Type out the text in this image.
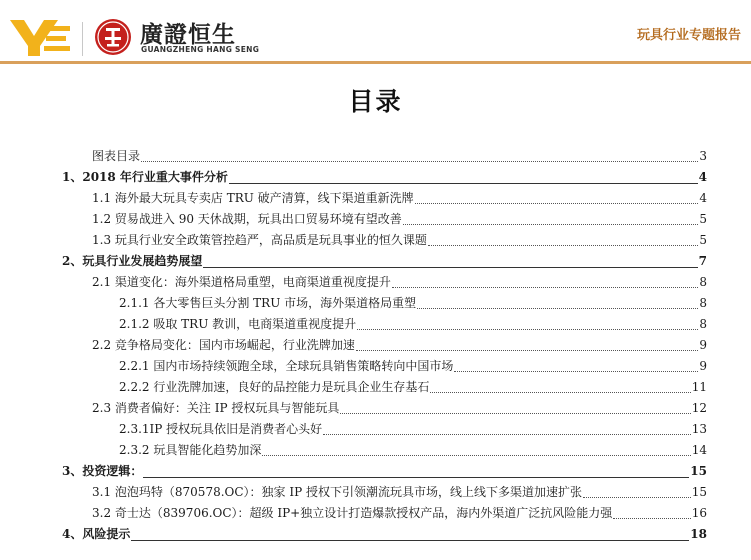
廣證恒生
GUANGZHENG HANG SENG
玩具行业专题报告
目录
图表目录	3
1、2018 年行业重大事件分析	4
1.1 海外最大玩具专卖店 TRU 破产清算，线下渠道重新洗牌	4
1.2 贸易战进入 90 天休战期，玩具出口贸易环境有望改善	5
1.3 玩具行业安全政策管控趋严，高品质是玩具事业的恒久课题	5
2、玩具行业发展趋势展望	7
2.1 渠道变化：海外渠道格局重塑，电商渠道重视度提升	8
2.1.1 各大零售巨头分割 TRU 市场，海外渠道格局重塑	8
2.1.2 吸取 TRU 教训，电商渠道重视度提升	8
2.2 竞争格局变化：国内市场崛起，行业洗牌加速	9
2.2.1 国内市场持续领跑全球，全球玩具销售策略转向中国市场	9
2.2.2 行业洗牌加速，良好的品控能力是玩具企业生存基石	11
2.3 消费者偏好：关注 IP 授权玩具与智能玩具	12
2.3.1IP 授权玩具依旧是消费者心头好	13
2.3.2 玩具智能化趋势加深	14
3、投资逻辑：	15
3.1 泡泡玛特（870578.OC）：独家 IP 授权下引领潮流玩具市场，线上线下多渠道加速扩张	15
3.2 奇士达（839706.OC）：超级 IP+独立设计打造爆款授权产品，海内外渠道广泛抗风险能力强	16
4、风险提示	18
